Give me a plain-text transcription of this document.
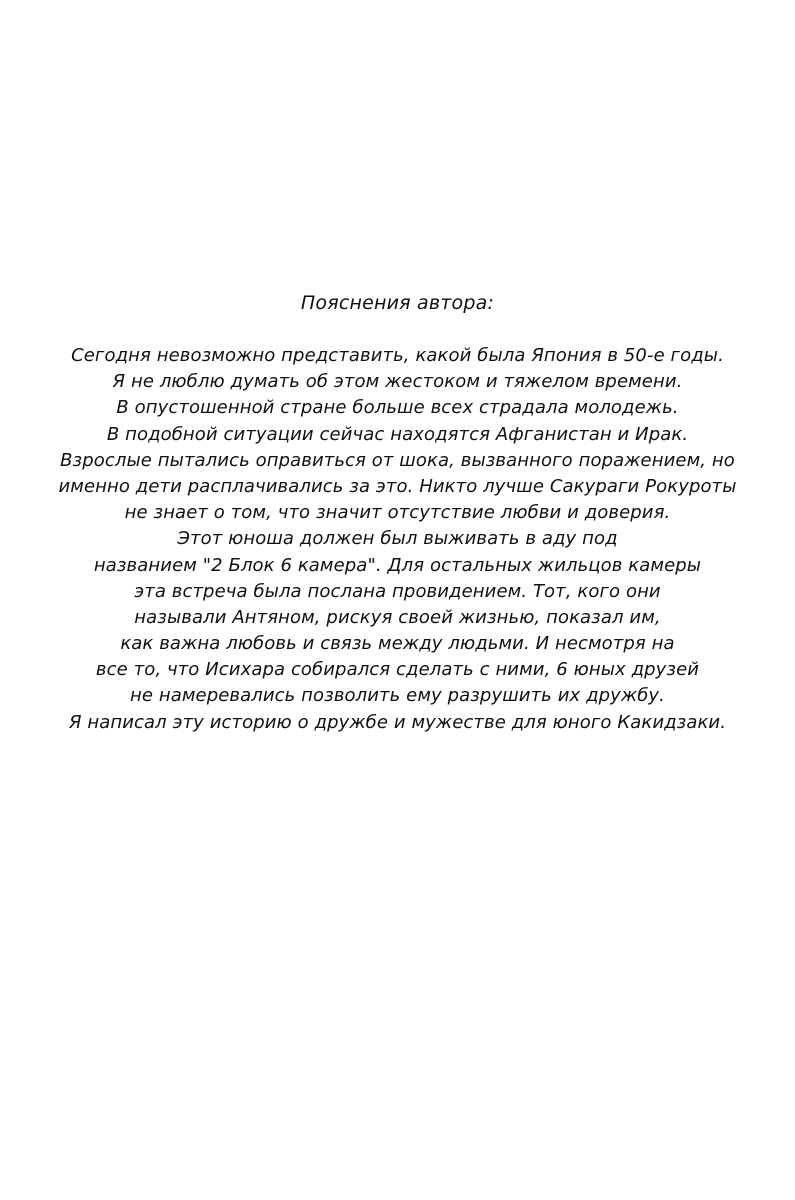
Пояснения автора:
Сегодня невозможно представить, какой была Япония в 50-е годы.
Я не люблю думать об этом жестоком и тяжелом времени.
В опустошенной стране больше всех страдала молодежь.
В подобной ситуации сейчас находятся Афганистан и Ирак.
Взрослые пытались оправиться от шока, вызванного поражением, но
именно дети расплачивались за это. Никто лучше Сакураги Рокуроты
не знает о том, что значит отсутствие любви и доверия.
Этот юноша должен был выживать в аду под
названием "2 Блок 6 камера". Для остальных жильцов камеры
эта встреча была послана провидением. Тот, кого они
называли Антяном, рискуя своей жизнью, показал им,
как важна любовь и связь между людьми. И несмотря на
все то, что Исихара собирался сделать с ними, 6 юных друзей
не намеревались позволить ему разрушить их дружбу.
Я написал эту историю о дружбе и мужестве для юного Какидзаки.
